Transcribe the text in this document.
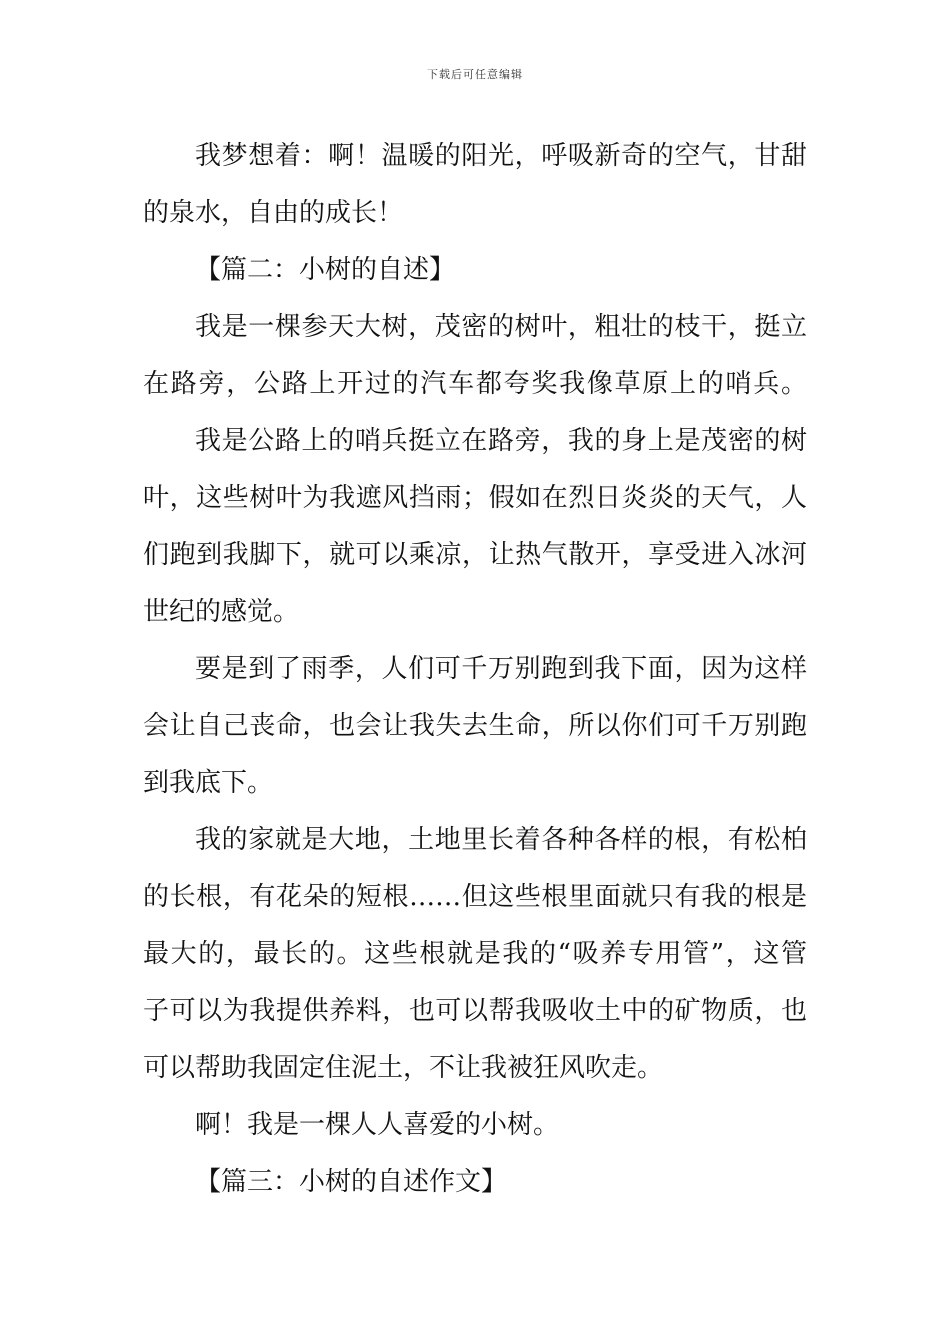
下载后可任意编辑
我梦想着：啊！温暖的阳光，呼吸新奇的空气，甘甜
的泉水，自由的成长！
【篇二：小树的自述】
我是一棵参天大树，茂密的树叶，粗壮的枝干，挺立
在路旁，公路上开过的汽车都夸奖我像草原上的哨兵。
我是公路上的哨兵挺立在路旁，我的身上是茂密的树
叶，这些树叶为我遮风挡雨；假如在烈日炎炎的天气，人
们跑到我脚下，就可以乘凉，让热气散开，享受进入冰河
世纪的感觉。
要是到了雨季，人们可千万别跑到我下面，因为这样
会让自己丧命，也会让我失去生命，所以你们可千万别跑
到我底下。
我的家就是大地，土地里长着各种各样的根，有松柏
的长根，有花朵的短根……但这些根里面就只有我的根是
最大的，最长的。这些根就是我的“吸养专用管”，这管
子可以为我提供养料，也可以帮我吸收土中的矿物质，也
可以帮助我固定住泥土，不让我被狂风吹走。
啊！我是一棵人人喜爱的小树。
【篇三：小树的自述作文】
